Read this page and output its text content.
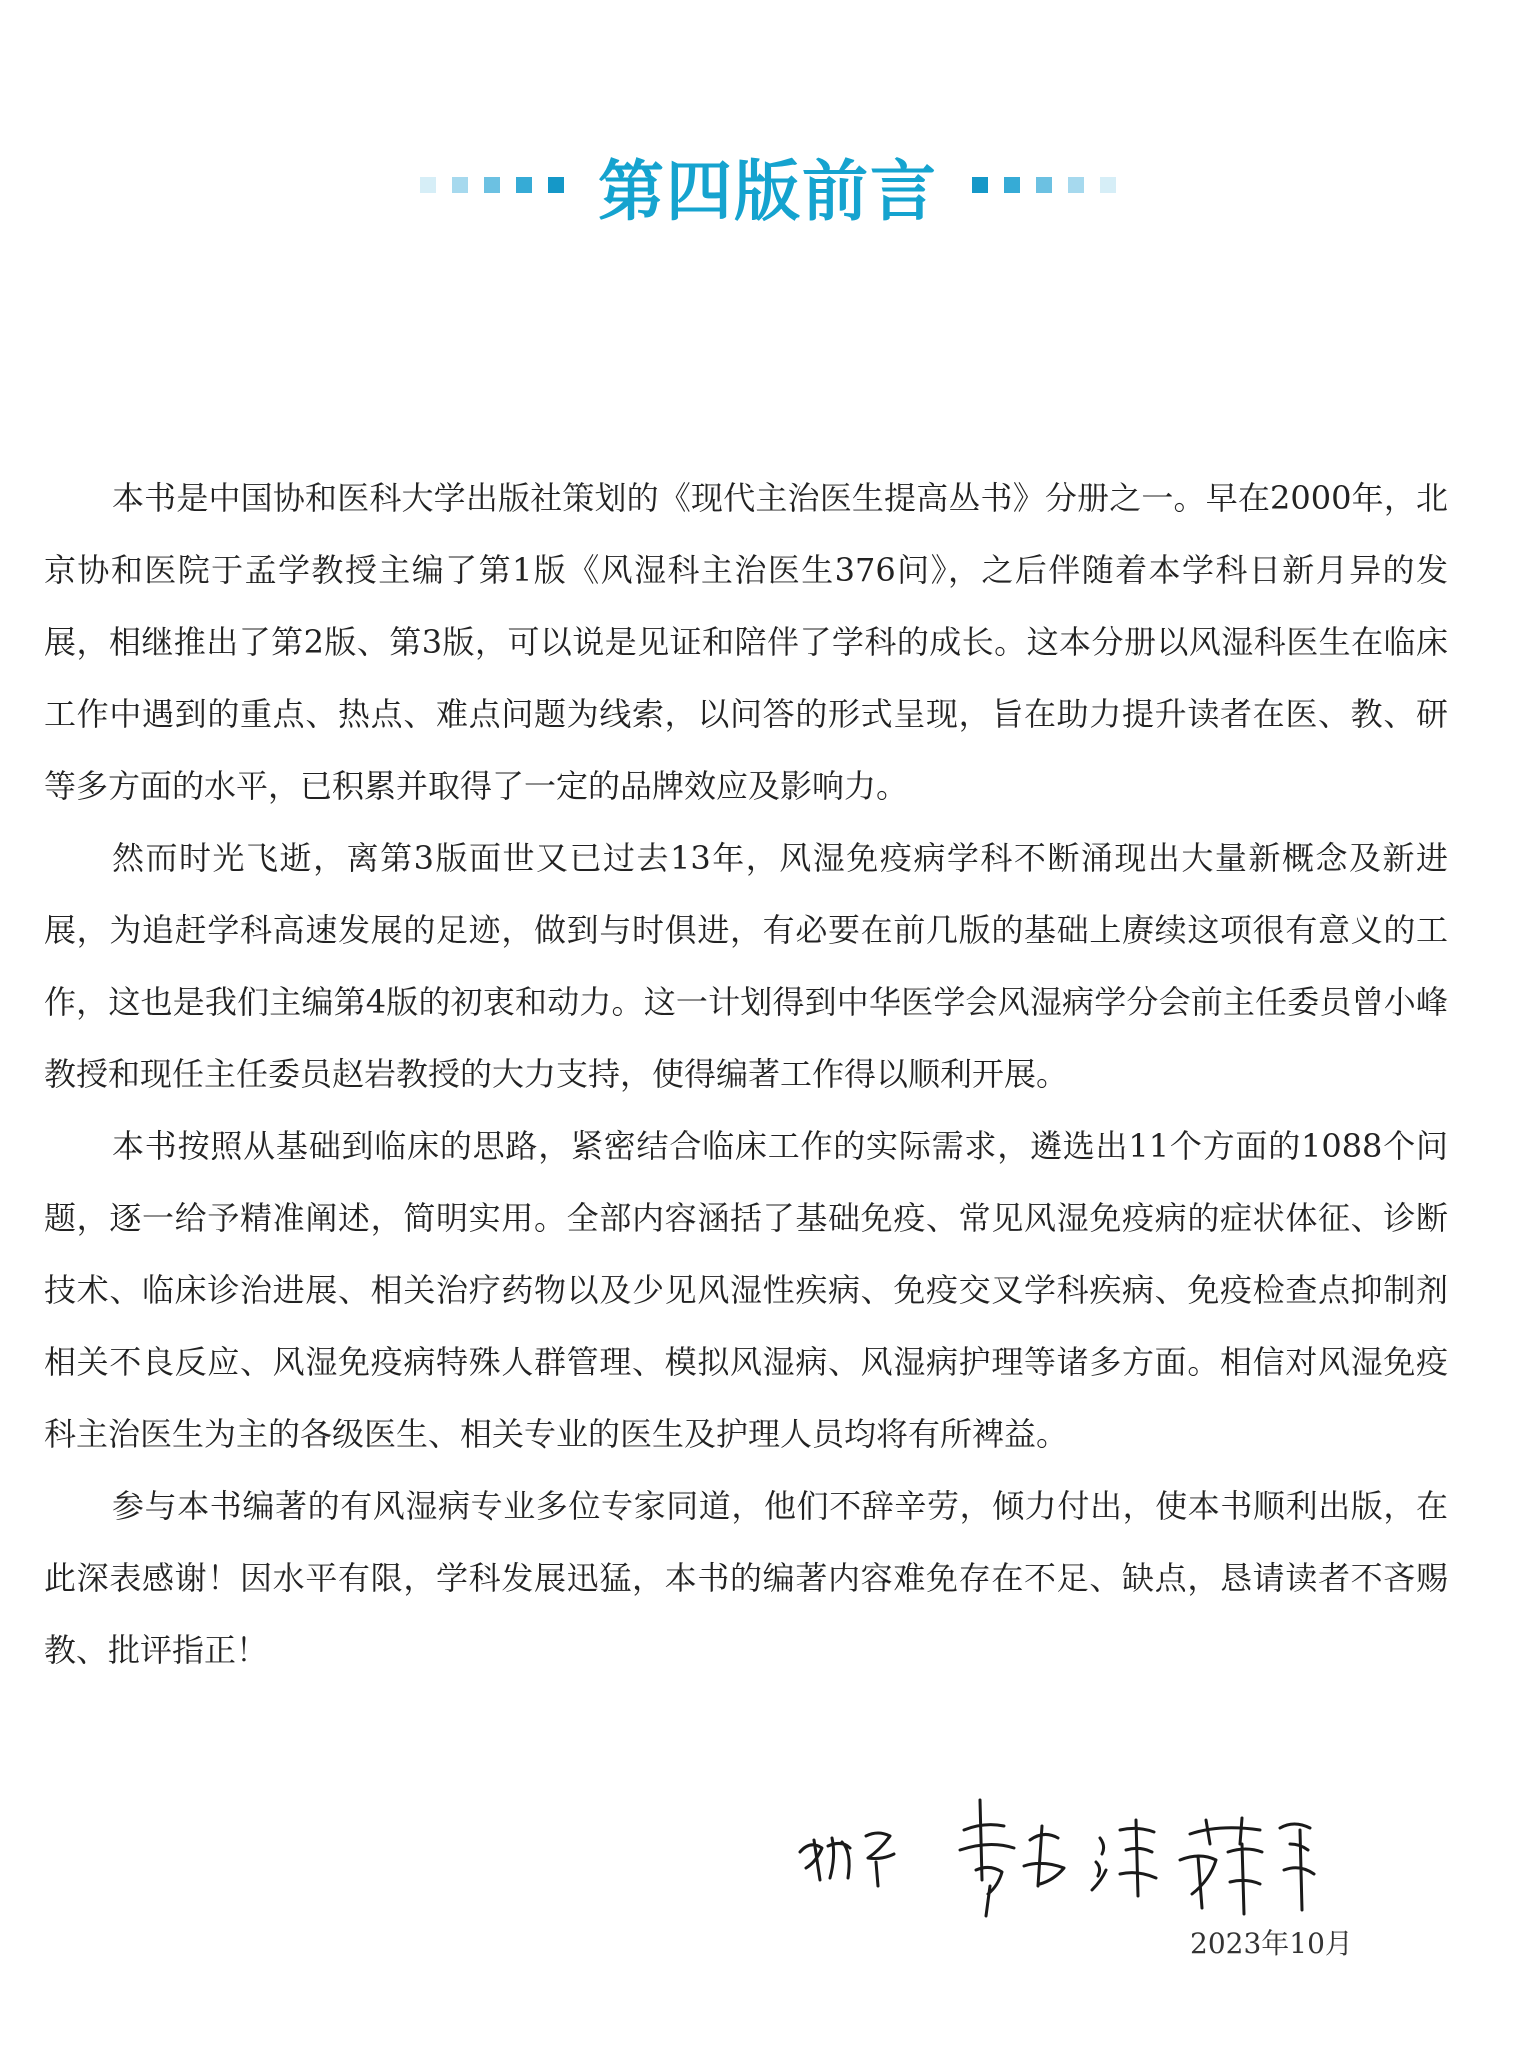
第四版前言

本书是中国协和医科大学出版社策划的《现代主治医生提高丛书》分册之一。早在2000年，北京协和医院于孟学教授主编了第1版《风湿科主治医生376问》，之后伴随着本学科日新月异的发展，相继推出了第2版、第3版，可以说是见证和陪伴了学科的成长。这本分册以风湿科医生在临床工作中遇到的重点、热点、难点问题为线索，以问答的形式呈现，旨在助力提升读者在医、教、研等多方面的水平，已积累并取得了一定的品牌效应及影响力。

然而时光飞逝，离第3版面世又已过去13年，风湿免疫病学科不断涌现出大量新概念及新进展，为追赶学科高速发展的足迹，做到与时俱进，有必要在前几版的基础上赓续这项很有意义的工作，这也是我们主编第4版的初衷和动力。这一计划得到中华医学会风湿病学分会前主任委员曾小峰教授和现任主任委员赵岩教授的大力支持，使得编著工作得以顺利开展。

本书按照从基础到临床的思路，紧密结合临床工作的实际需求，遴选出11个方面的1088个问题，逐一给予精准阐述，简明实用。全部内容涵括了基础免疫、常见风湿免疫病的症状体征、诊断技术、临床诊治进展、相关治疗药物以及少见风湿性疾病、免疫交叉学科疾病、免疫检查点抑制剂相关不良反应、风湿免疫病特殊人群管理、模拟风湿病、风湿病护理等诸多方面。相信对风湿免疫科主治医生为主的各级医生、相关专业的医生及护理人员均将有所裨益。

参与本书编著的有风湿病专业多位专家同道，他们不辞辛劳，倾力付出，使本书顺利出版，在此深表感谢！因水平有限，学科发展迅猛，本书的编著内容难免存在不足、缺点，恳请读者不吝赐教、批评指正！

2023年10月
